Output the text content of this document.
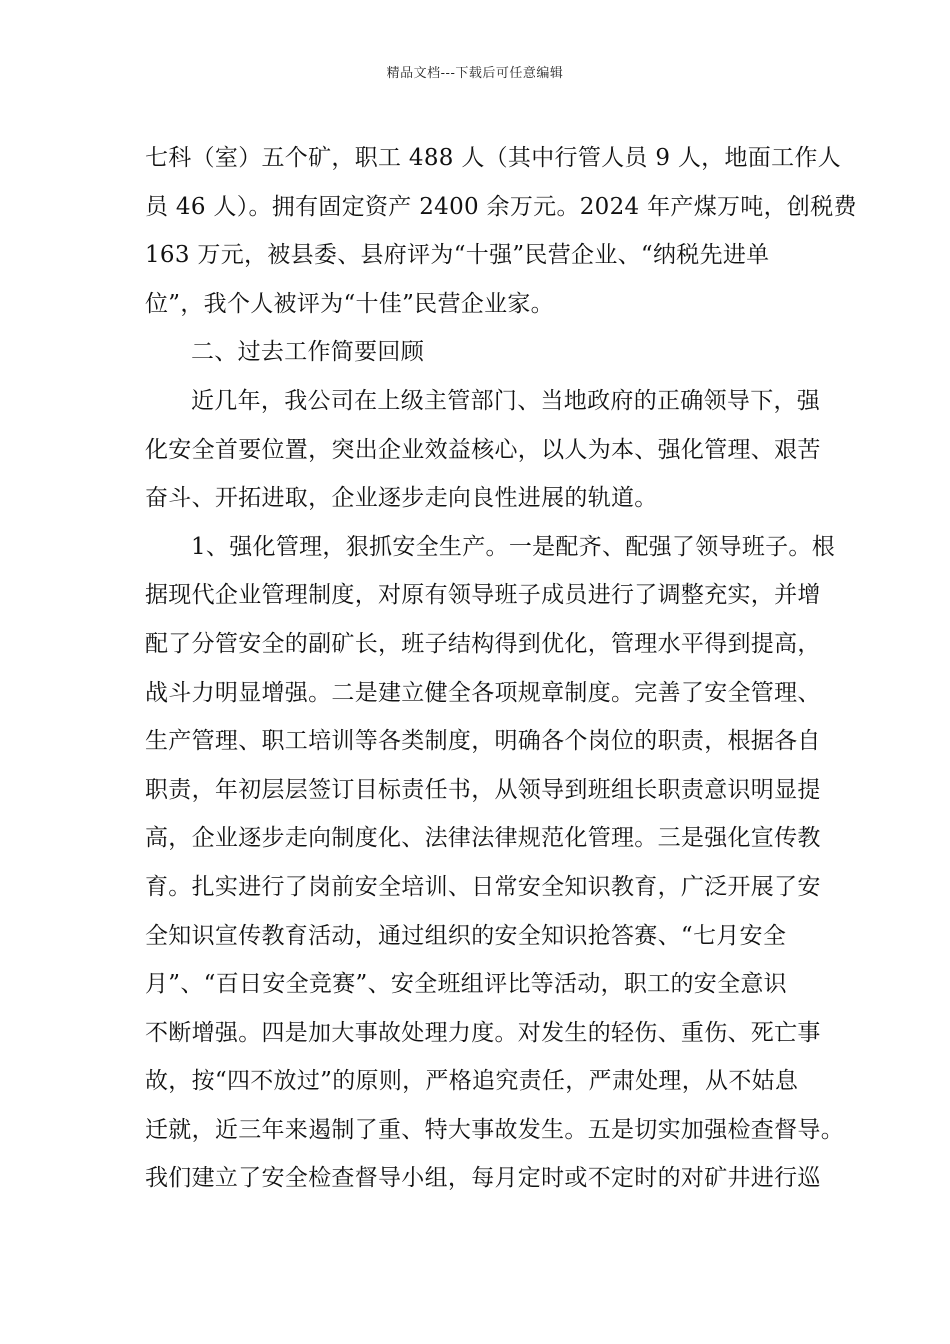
精品文档---下载后可任意编辑
七科（室）五个矿，职工 488 人（其中行管人员 9 人，地面工作人
员 46 人）。拥有固定资产 2400 余万元。2024 年产煤万吨，创税费
163 万元，被县委、县府评为“十强”民营企业、“纳税先进单
位”，我个人被评为“十佳”民营企业家。
二、过去工作简要回顾
近几年，我公司在上级主管部门、当地政府的正确领导下，强
化安全首要位置，突出企业效益核心，以人为本、强化管理、艰苦
奋斗、开拓进取，企业逐步走向良性进展的轨道。
1、强化管理，狠抓安全生产。一是配齐、配强了领导班子。根
据现代企业管理制度，对原有领导班子成员进行了调整充实，并增
配了分管安全的副矿长，班子结构得到优化，管理水平得到提高，
战斗力明显增强。二是建立健全各项规章制度。完善了安全管理、
生产管理、职工培训等各类制度，明确各个岗位的职责，根据各自
职责，年初层层签订目标责任书，从领导到班组长职责意识明显提
高，企业逐步走向制度化、法律法律规范化管理。三是强化宣传教
育。扎实进行了岗前安全培训、日常安全知识教育，广泛开展了安
全知识宣传教育活动，通过组织的安全知识抢答赛、“七月安全
月”、“百日安全竞赛”、安全班组评比等活动，职工的安全意识
不断增强。四是加大事故处理力度。对发生的轻伤、重伤、死亡事
故，按“四不放过”的原则，严格追究责任，严肃处理，从不姑息
迁就，近三年来遏制了重、特大事故发生。五是切实加强检查督导。
我们建立了安全检查督导小组，每月定时或不定时的对矿井进行巡
